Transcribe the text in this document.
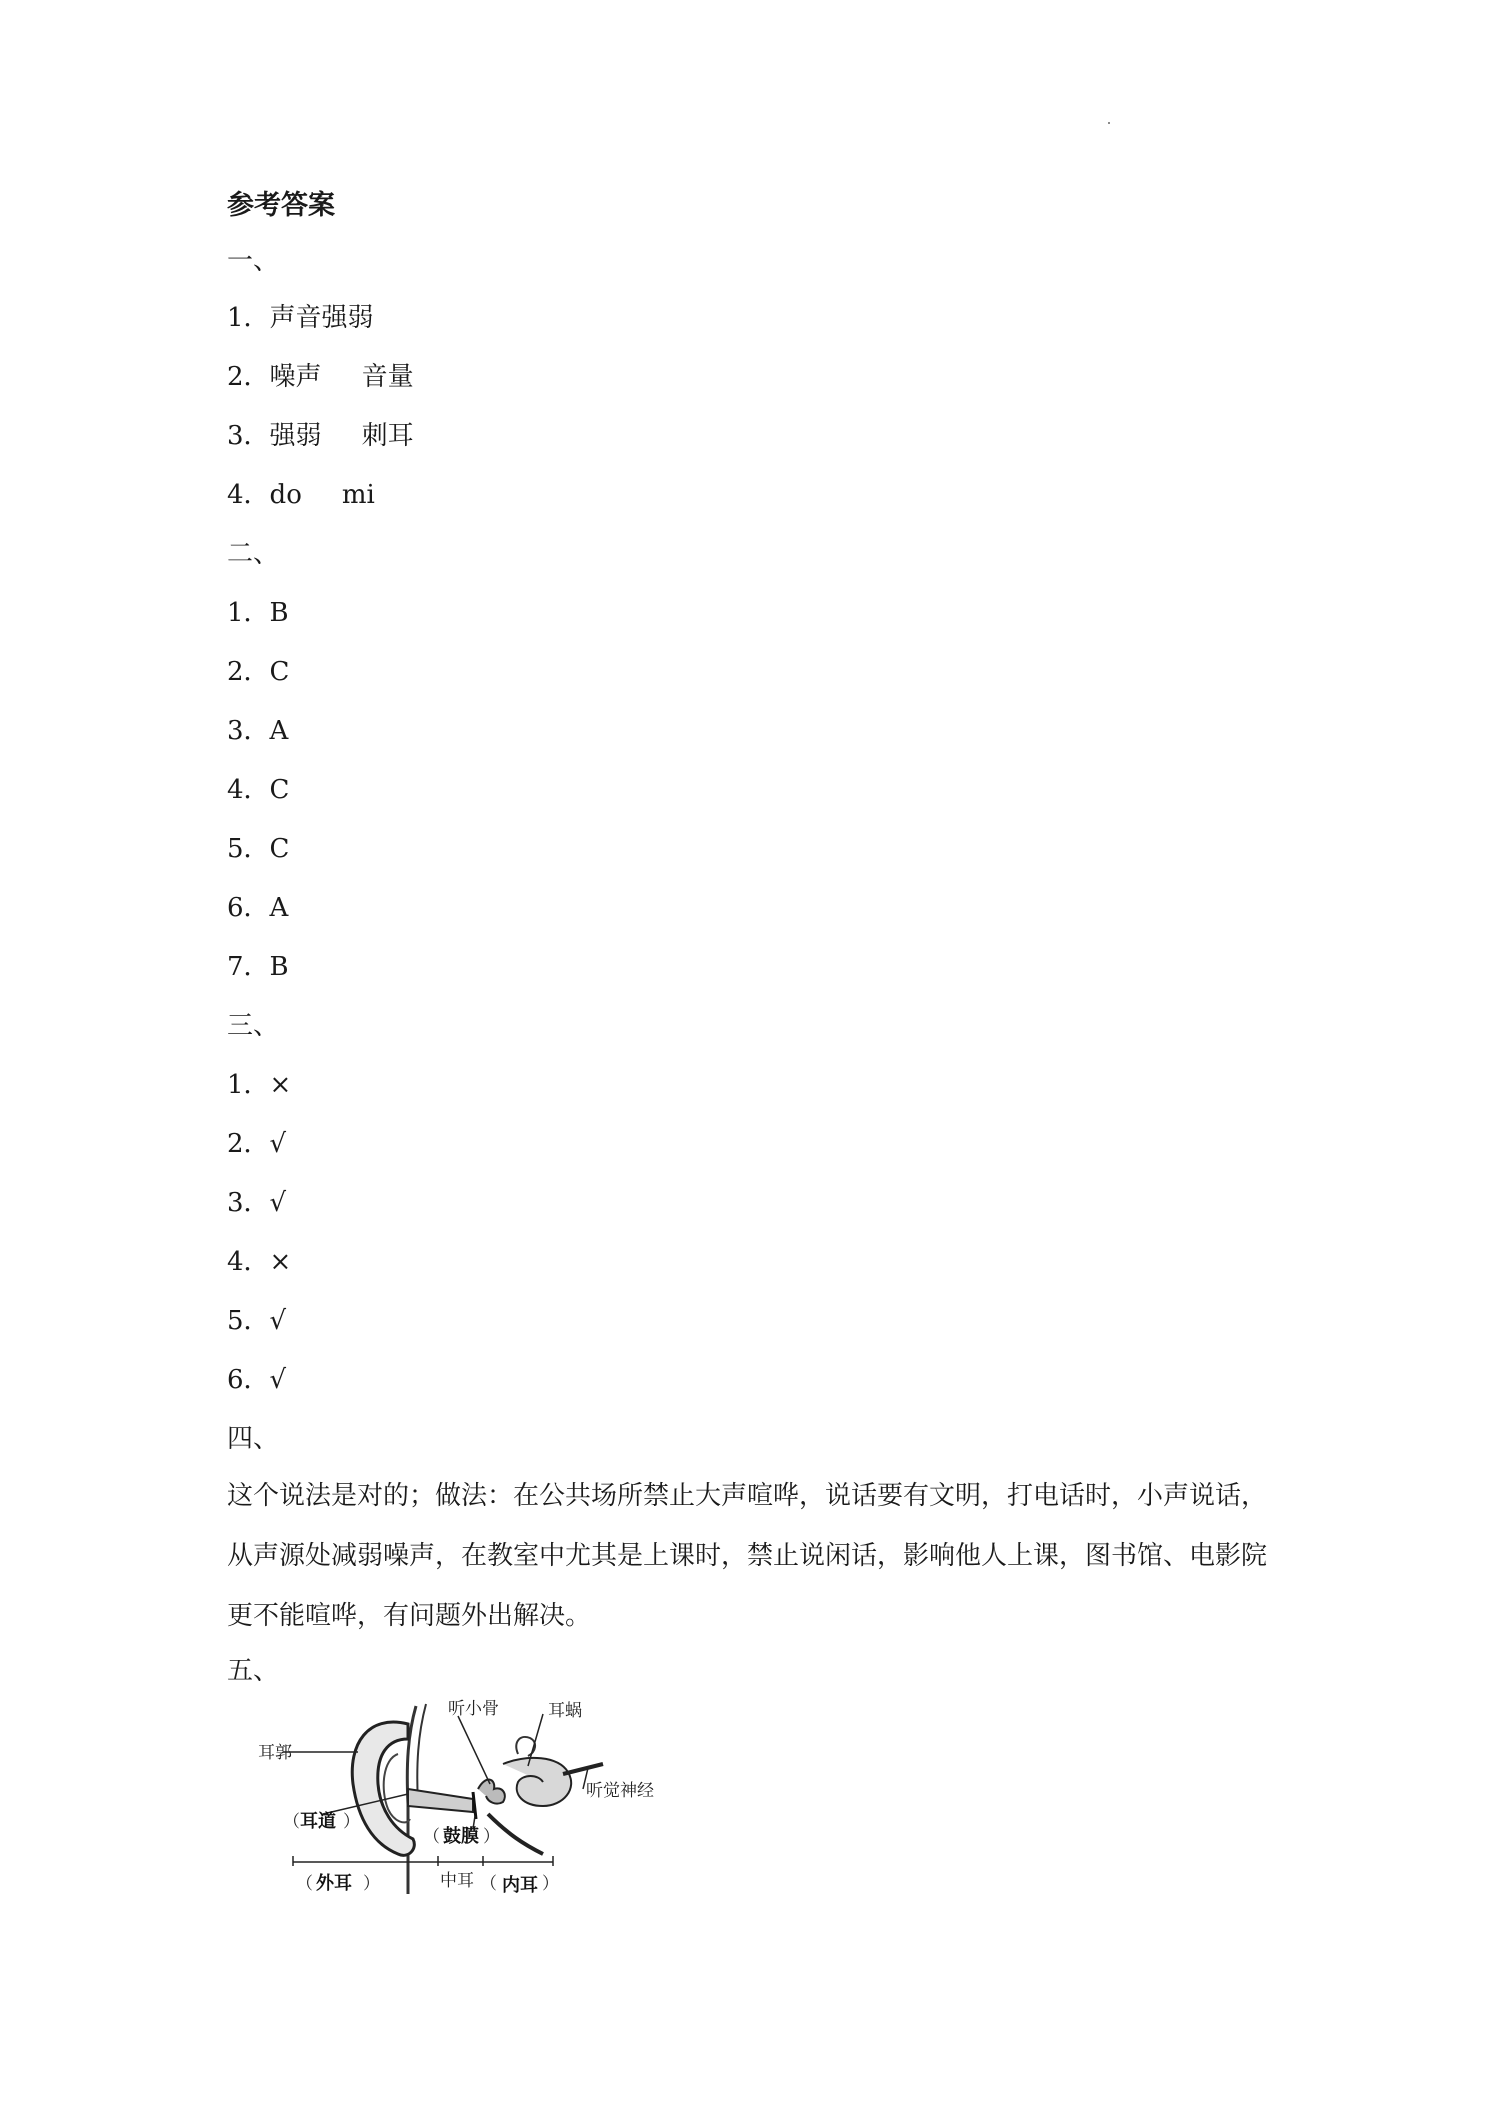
参考答案
一、
1．声音强弱
2．噪声 音量
3．强弱 刺耳
4．do mi
二、
1．B
2．C
3．A
4．C
5．C
6．A
7．B
三、
1．×
2．√
3．√
4．×
5．√
6．√
四、
这个说法是对的；做法：在公共场所禁止大声喧哗，说话要有文明，打电话时，小声说话，从声源处减弱噪声，在教室中尤其是上课时，禁止说闲话，影响他人上课，图书馆、电影院更不能喧哗，有问题外出解决。
五、
听小骨	耳蜗
耳郭
听觉神经
（ 耳道 ）
（ 鼓膜 ）
（ 外耳 ）	中耳 （ 内耳 ）
